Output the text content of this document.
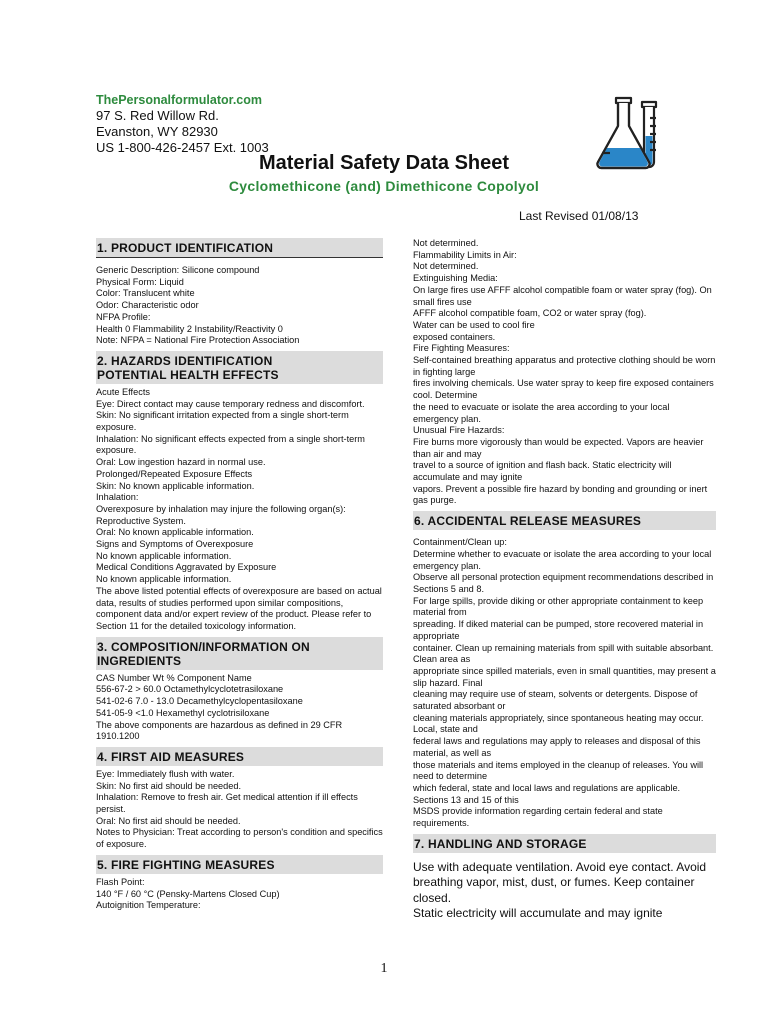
ThePersonalformulator.com
97 S. Red Willow Rd.
Evanston, WY 82930
US 1-800-426-2457 Ext. 1003
Material Safety Data Sheet
Cyclomethicone (and) Dimethicone Copolyol
Last Revised 01/08/13
1. PRODUCT IDENTIFICATION
Generic Description: Silicone compound
Physical Form: Liquid
Color: Translucent white
Odor: Characteristic odor
NFPA Profile:
Health 0 Flammability 2 Instability/Reactivity 0
Note: NFPA = National Fire Protection Association
2. HAZARDS IDENTIFICATION
POTENTIAL HEALTH EFFECTS
Acute Effects
Eye: Direct contact may cause temporary redness and discomfort.
Skin: No significant irritation expected from a single short-term exposure.
Inhalation: No significant effects expected from a single short-term exposure.
Oral: Low ingestion hazard in normal use.
Prolonged/Repeated Exposure Effects
Skin: No known applicable information.
Inhalation:
Overexposure by inhalation may injure the following organ(s): Reproductive System.
Oral: No known applicable information.
Signs and Symptoms of Overexposure
No known applicable information.
Medical Conditions Aggravated by Exposure
No known applicable information.
The above listed potential effects of overexposure are based on actual data, results of studies performed upon similar compositions, component data and/or expert review of the product. Please refer to Section 11 for the detailed toxicology information.
3. COMPOSITION/INFORMATION ON INGREDIENTS
CAS Number Wt % Component Name
556-67-2 > 60.0 Octamethylcyclotetrasiloxane
541-02-6 7.0 - 13.0 Decamethylcyclopentasiloxane
541-05-9 <1.0 Hexamethyl cyclotrisiloxane
The above components are hazardous as defined in 29 CFR 1910.1200
4. FIRST AID MEASURES
Eye: Immediately flush with water.
Skin: No first aid should be needed.
Inhalation: Remove to fresh air. Get medical attention if ill effects persist.
Oral: No first aid should be needed.
Notes to Physician: Treat according to person's condition and specifics of exposure.
5. FIRE FIGHTING MEASURES
Flash Point:
140 °F / 60 °C (Pensky-Martens Closed Cup)
Autoignition Temperature:
Not determined.
Flammability Limits in Air:
Not determined.
Extinguishing Media:
On large fires use AFFF alcohol compatible foam or water spray (fog). On small fires use
AFFF alcohol compatible foam, CO2 or water spray (fog).
Water can be used to cool fire
exposed containers.
Fire Fighting Measures:
Self-contained breathing apparatus and protective clothing should be worn in fighting large
fires involving chemicals. Use water spray to keep fire exposed containers cool. Determine
the need to evacuate or isolate the area according to your local emergency plan.
Unusual Fire Hazards:
Fire burns more vigorously than would be expected. Vapors are heavier than air and may
travel to a source of ignition and flash back. Static electricity will accumulate and may ignite
vapors. Prevent a possible fire hazard by bonding and grounding or inert gas purge.
6. ACCIDENTAL RELEASE MEASURES
Containment/Clean up:
Determine whether to evacuate or isolate the area according to your local emergency plan.
Observe all personal protection equipment recommendations described in Sections 5 and 8.
For large spills, provide diking or other appropriate containment to keep material from
spreading. If diked material can be pumped, store recovered material in appropriate
container. Clean up remaining materials from spill with suitable absorbant. Clean area as
appropriate since spilled materials, even in small quantities, may present a slip hazard. Final
cleaning may require use of steam, solvents or detergents. Dispose of saturated absorbant or
cleaning materials appropriately, since spontaneous heating may occur. Local, state and
federal laws and regulations may apply to releases and disposal of this material, as well as
those materials and items employed in the cleanup of releases. You will need to determine
which federal, state and local laws and regulations are applicable. Sections 13 and 15 of this
MSDS provide information regarding certain federal and state requirements.
7. HANDLING AND STORAGE
Use with adequate ventilation. Avoid eye contact. Avoid breathing vapor, mist, dust, or fumes. Keep container closed.
Static electricity will accumulate and may ignite
1
